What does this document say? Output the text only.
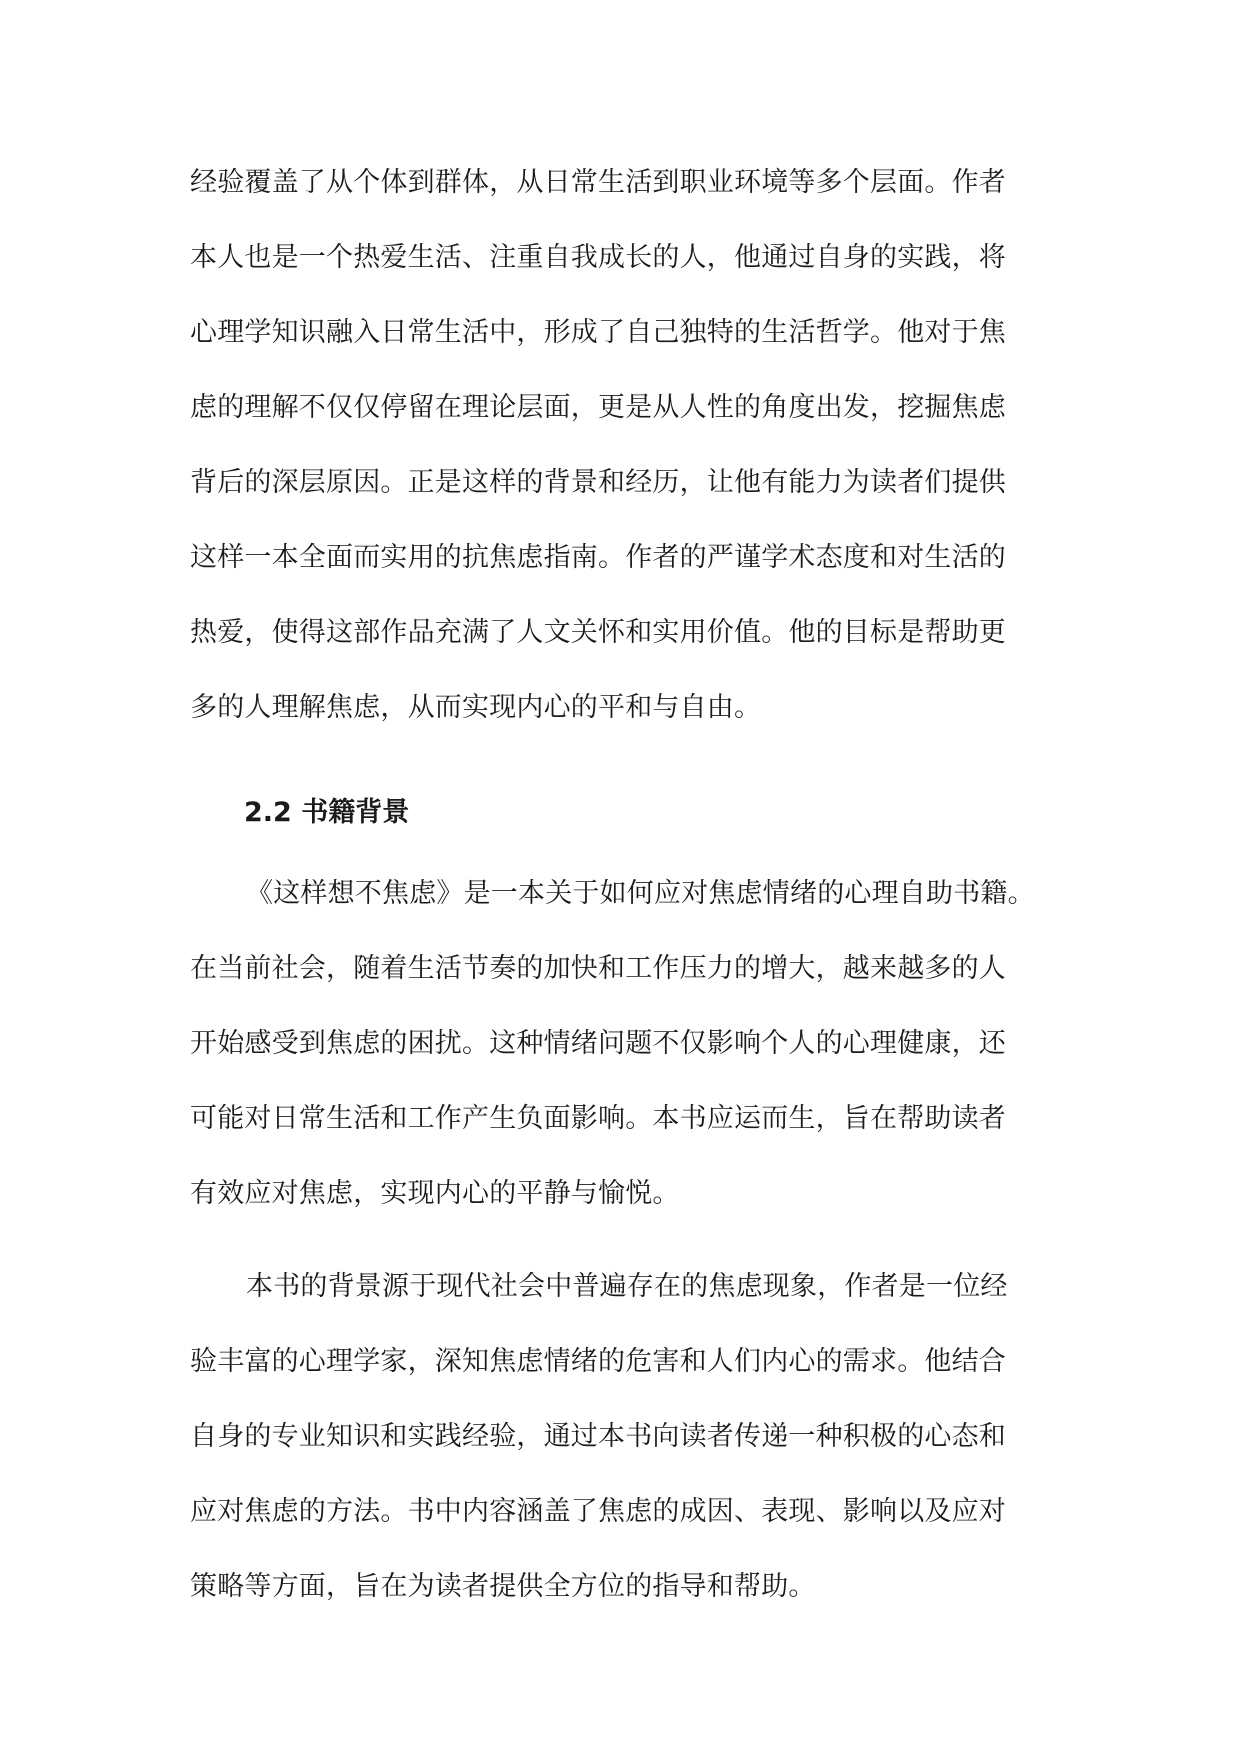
经验覆盖了从个体到群体，从日常生活到职业环境等多个层面。作者
本人也是一个热爱生活、注重自我成长的人，他通过自身的实践，将
心理学知识融入日常生活中，形成了自己独特的生活哲学。他对于焦
虑的理解不仅仅停留在理论层面，更是从人性的角度出发，挖掘焦虑
背后的深层原因。正是这样的背景和经历，让他有能力为读者们提供
这样一本全面而实用的抗焦虑指南。作者的严谨学术态度和对生活的
热爱，使得这部作品充满了人文关怀和实用价值。他的目标是帮助更
多的人理解焦虑，从而实现内心的平和与自由。
2.2 书籍背景
《这样想不焦虑》是一本关于如何应对焦虑情绪的心理自助书籍。
在当前社会，随着生活节奏的加快和工作压力的增大，越来越多的人
开始感受到焦虑的困扰。这种情绪问题不仅影响个人的心理健康，还
可能对日常生活和工作产生负面影响。本书应运而生，旨在帮助读者
有效应对焦虑，实现内心的平静与愉悦。
本书的背景源于现代社会中普遍存在的焦虑现象，作者是一位经
验丰富的心理学家，深知焦虑情绪的危害和人们内心的需求。他结合
自身的专业知识和实践经验，通过本书向读者传递一种积极的心态和
应对焦虑的方法。书中内容涵盖了焦虑的成因、表现、影响以及应对
策略等方面，旨在为读者提供全方位的指导和帮助。
